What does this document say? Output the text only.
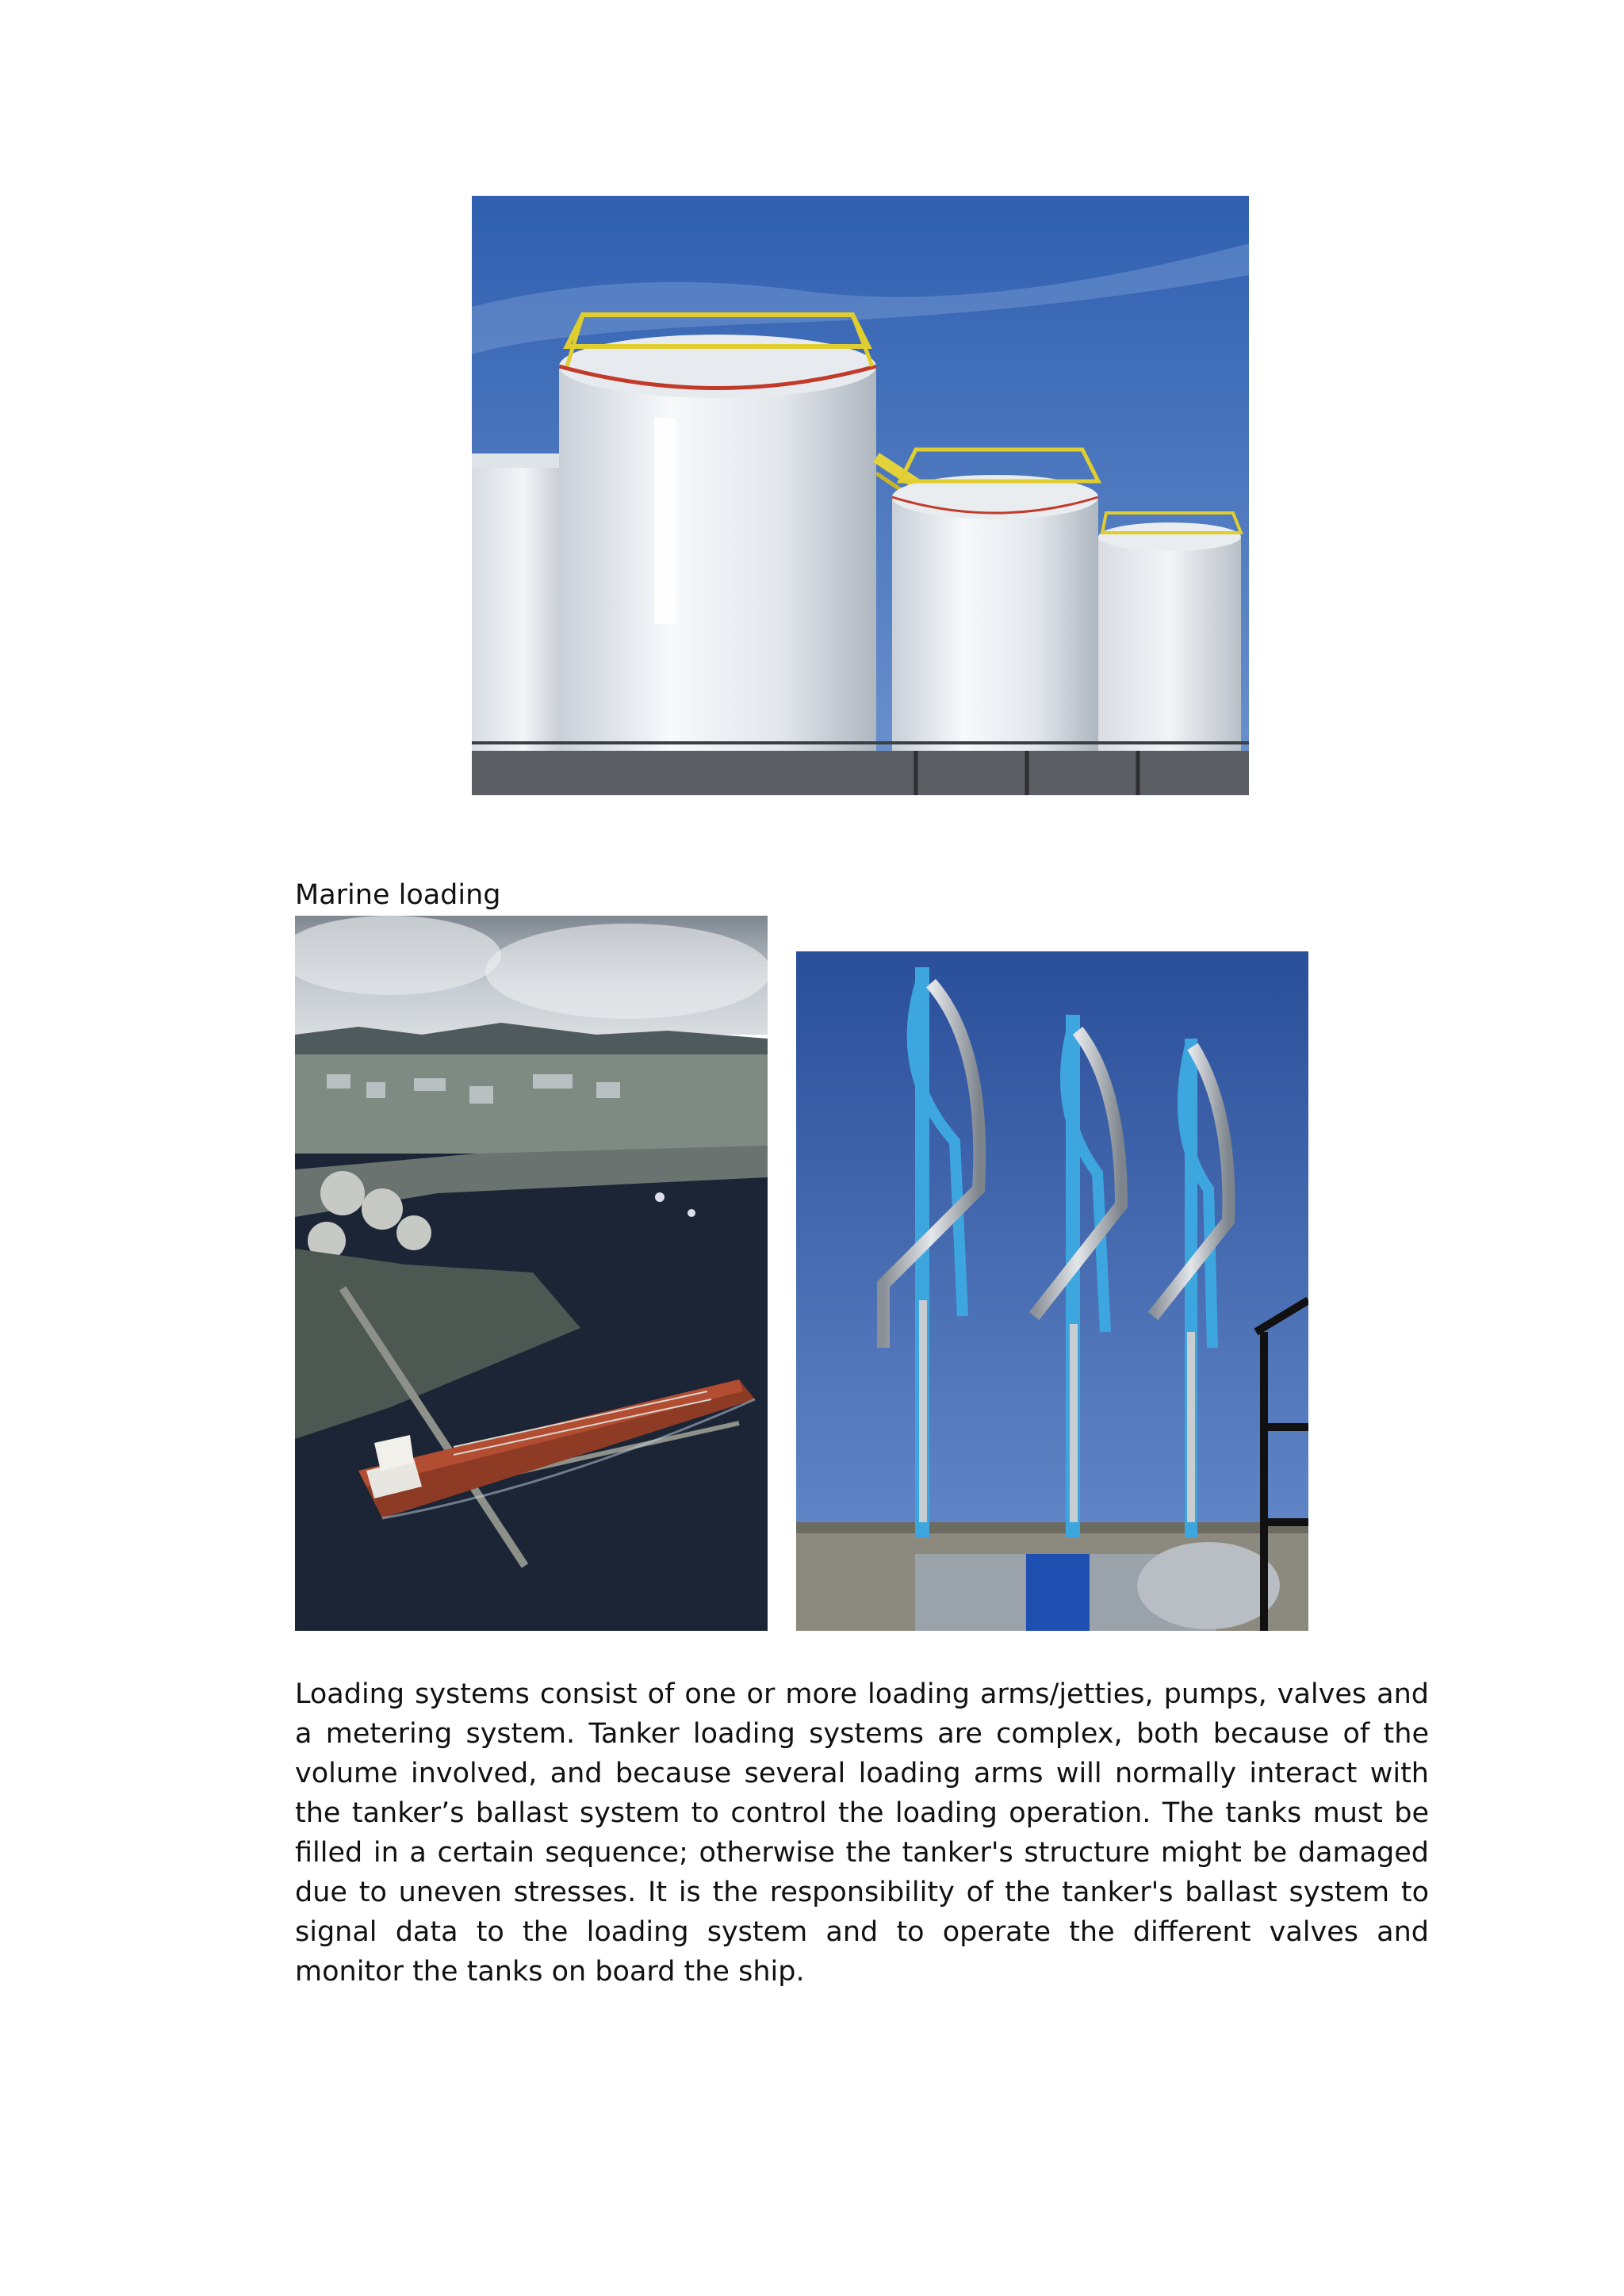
Marine loading

Loading systems consist of one or more loading arms/jetties, pumps, valves and a metering system. Tanker loading systems are complex, both because of the volume involved, and because several loading arms will normally interact with the tanker’s ballast system to control the loading operation. The tanks must be filled in a certain sequence; otherwise the tanker's structure might be damaged due to uneven stresses. It is the responsibility of the tanker's ballast system to signal data to the loading system and to operate the different valves and monitor the tanks on board the ship.
